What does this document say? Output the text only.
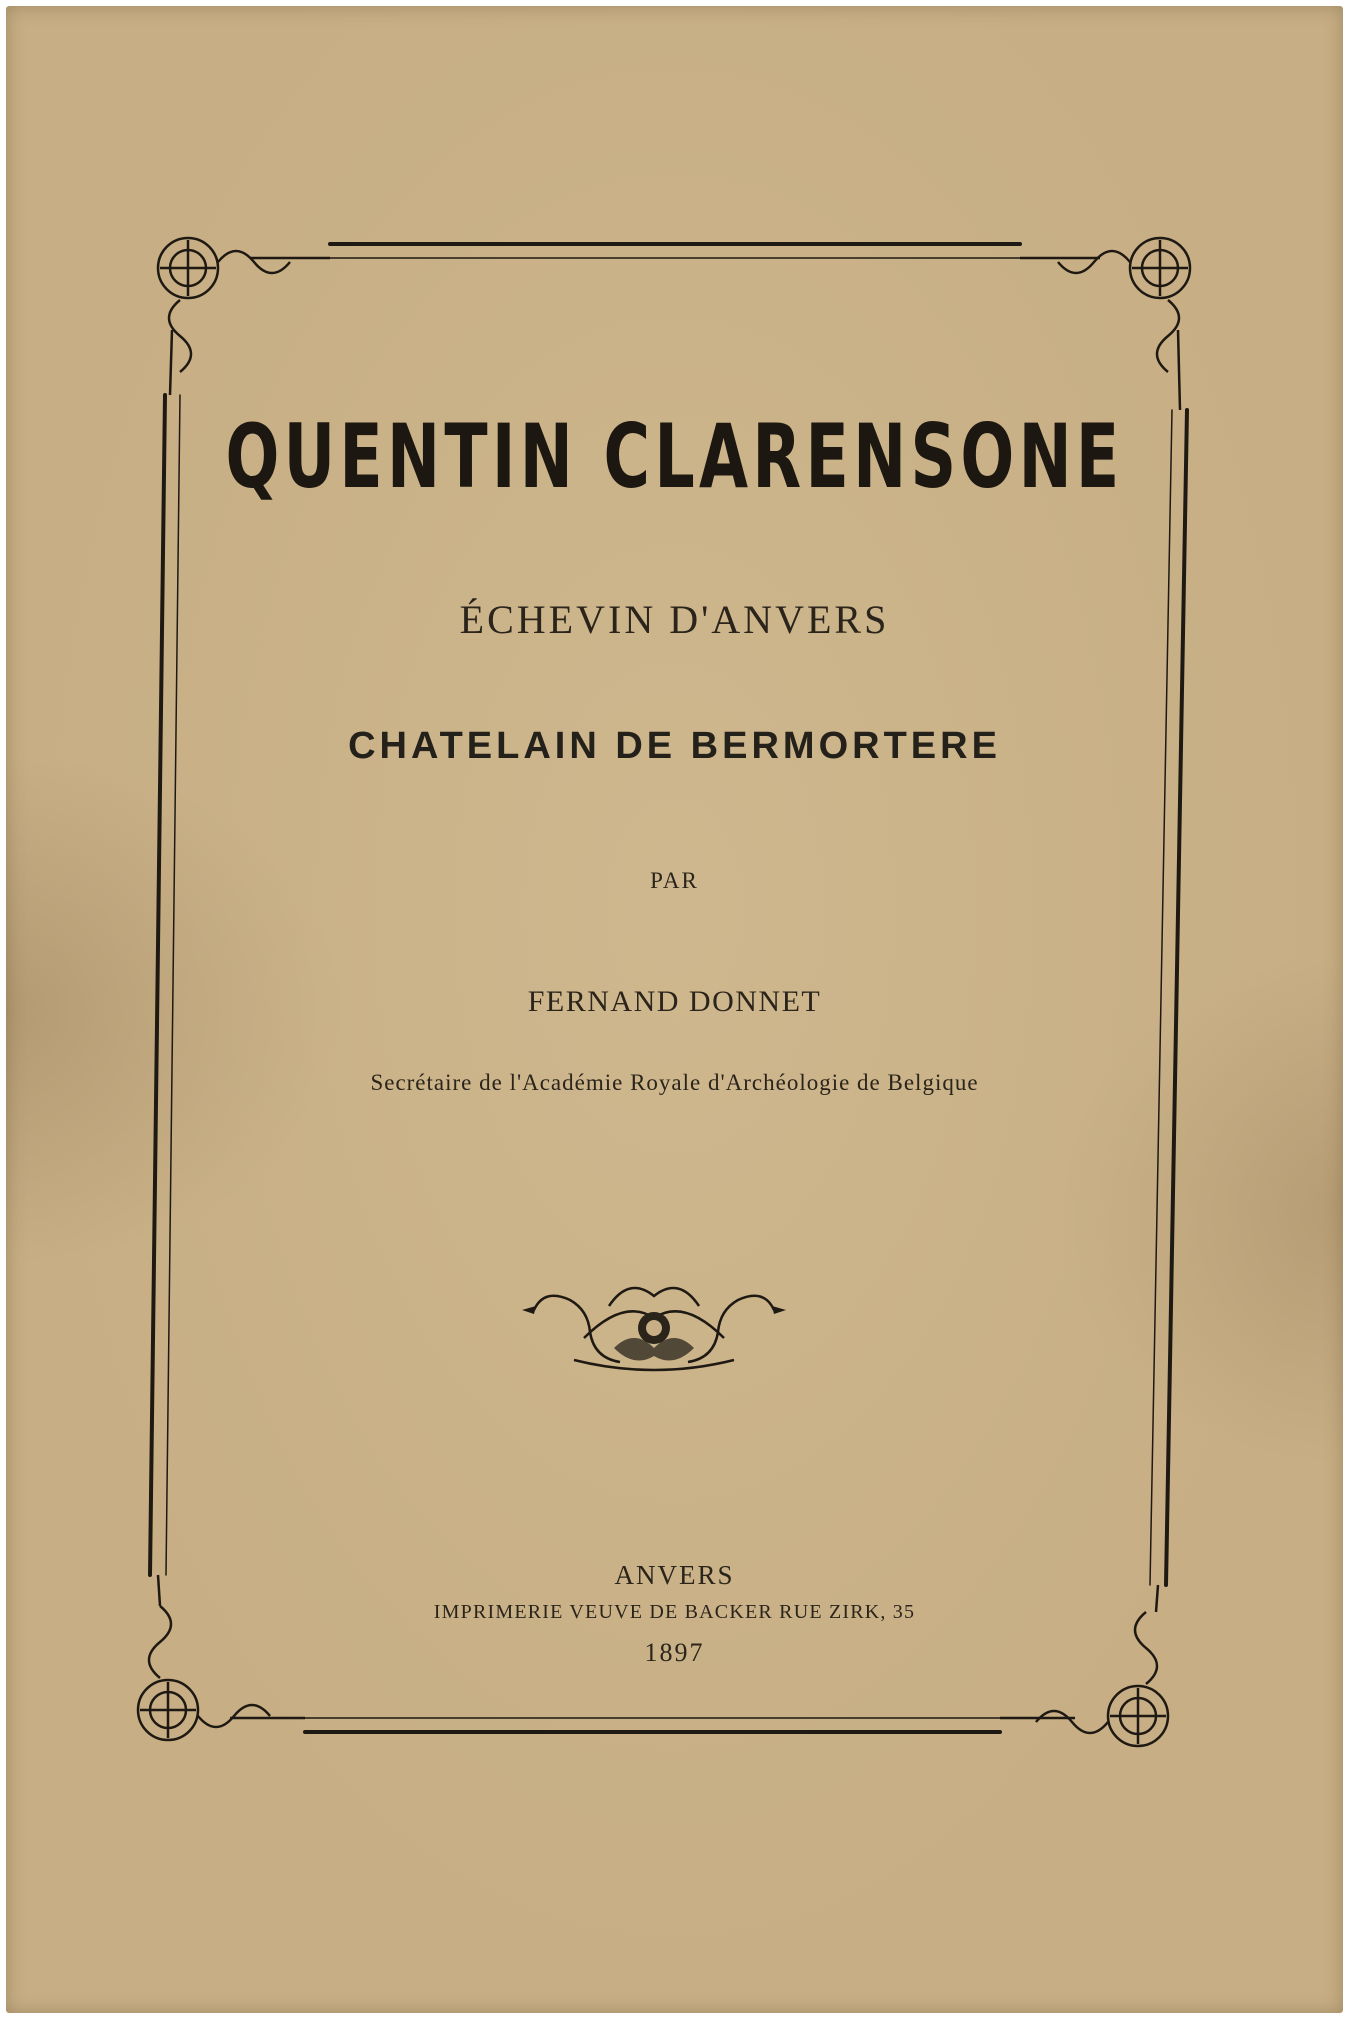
QUENTIN CLARENSONE
ÉCHEVIN D'ANVERS
CHATELAIN DE BERMORTERE
PAR
FERNAND DONNET
Secrétaire de l'Académie Royale d'Archéologie de Belgique
ANVERS
IMPRIMERIE VEUVE DE BACKER RUE ZIRK, 35
1897
